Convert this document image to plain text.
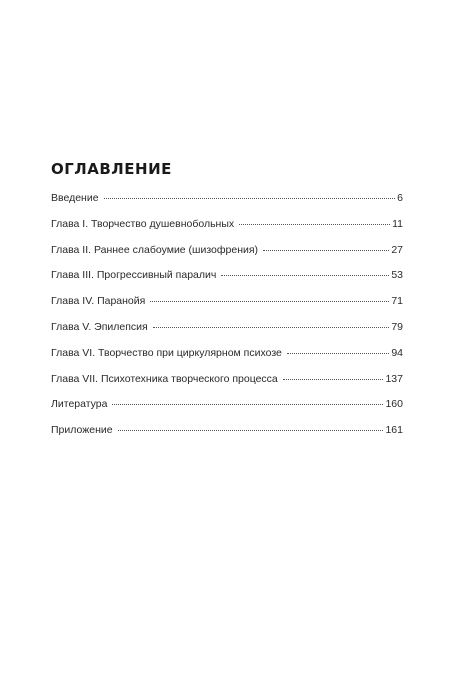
ОГЛАВЛЕНИЕ
Введение	6
Глава I. Творчество душевнобольных	11
Глава II. Раннее слабоумие (шизофрения)	27
Глава III. Прогрессивный паралич	53
Глава IV. Паранойя	71
Глава V. Эпилепсия	79
Глава VI. Творчество при циркулярном психозе	94
Глава VII. Психотехника творческого процесса	137
Литература	160
Приложение	161
